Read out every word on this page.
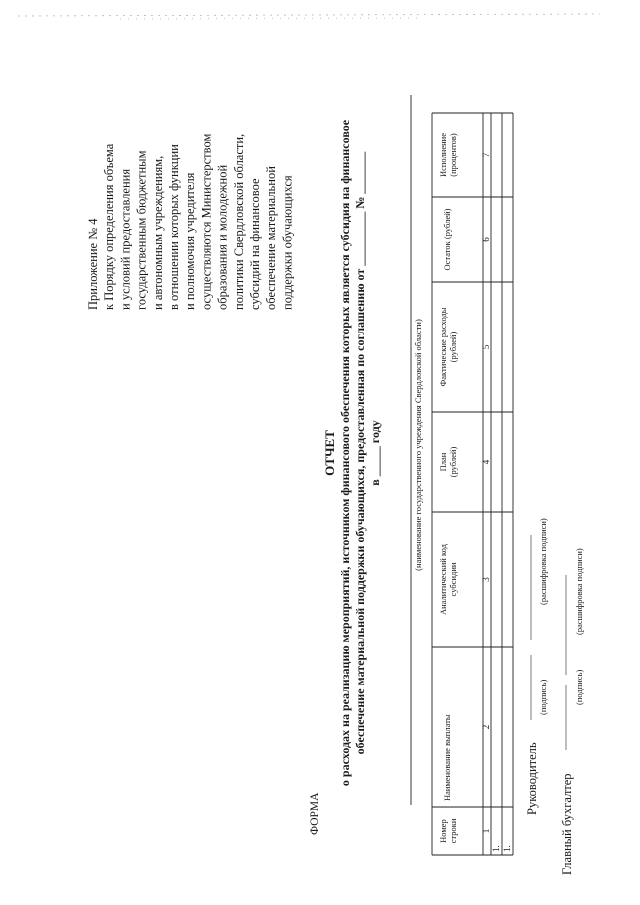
Приложение № 4 к Порядку определения объема и условий предоставления государственным бюджетным и автономным учреждениям, в отношении которых функции и полномочия учредителя осуществляются Министерством образования и молодежной политики Свердловской области, субсидий на финансовое обеспечение материальной поддержки обучающихся
ФОРМА
ОТЧЕТ о расходах на реализацию мероприятий, источником финансового обеспечения которых является субсидия на финансовое обеспечение материальной поддержки обучающихся, предоставленная по соглашению от _________ № _______ в _____ году	(наименование государственного учреждения Свердловской области)
Номер строки
Наименование выплаты
Аналитический код субсидии
План (рублей)
Фактические расходы (рублей)
Остаток (рублей)
Исполнение (процентов)
1
2
3
4
5
6
7
1. 1.
Руководитель
(подпись)
(расшифровка подписи)
Главный бухгалтер
(подпись)
(расшифровка подписи)
